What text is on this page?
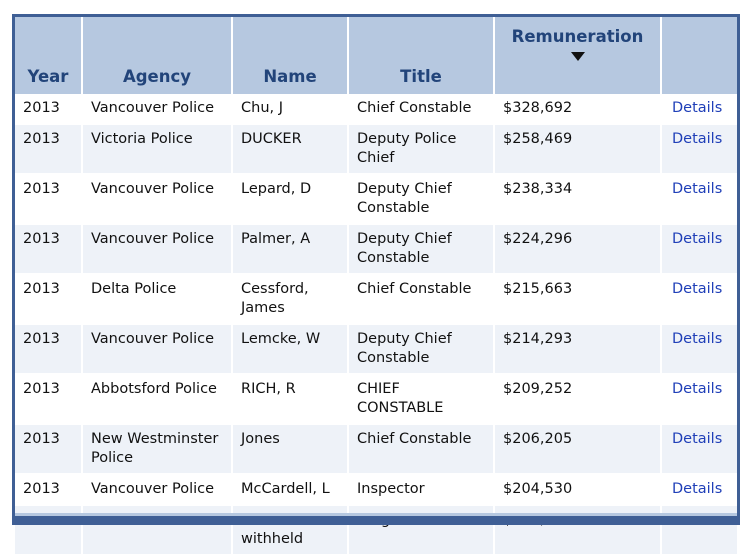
Year	Agency	Name	Title	Remuneration	

2013	Vancouver Police	Chu, J	Chief Constable	$328,692	Details
2013	Victoria Police	DUCKER	Deputy Police Chief	$258,469	Details
2013	Vancouver Police	Lepard, D	Deputy Chief Constable	$238,334	Details
2013	Vancouver Police	Palmer, A	Deputy Chief Constable	$224,296	Details
2013	Delta Police	Cessford, James	Chief Constable	$215,663	Details
2013	Vancouver Police	Lemcke, W	Deputy Chief Constable	$214,293	Details
2013	Abbotsford Police	RICH, R	CHIEF CONSTABLE	$209,252	Details
2013	New Westminster Police	Jones	Chief Constable	$206,205	Details
2013	Vancouver Police	McCardell, L	Inspector	$204,530	Details
		withheld			
